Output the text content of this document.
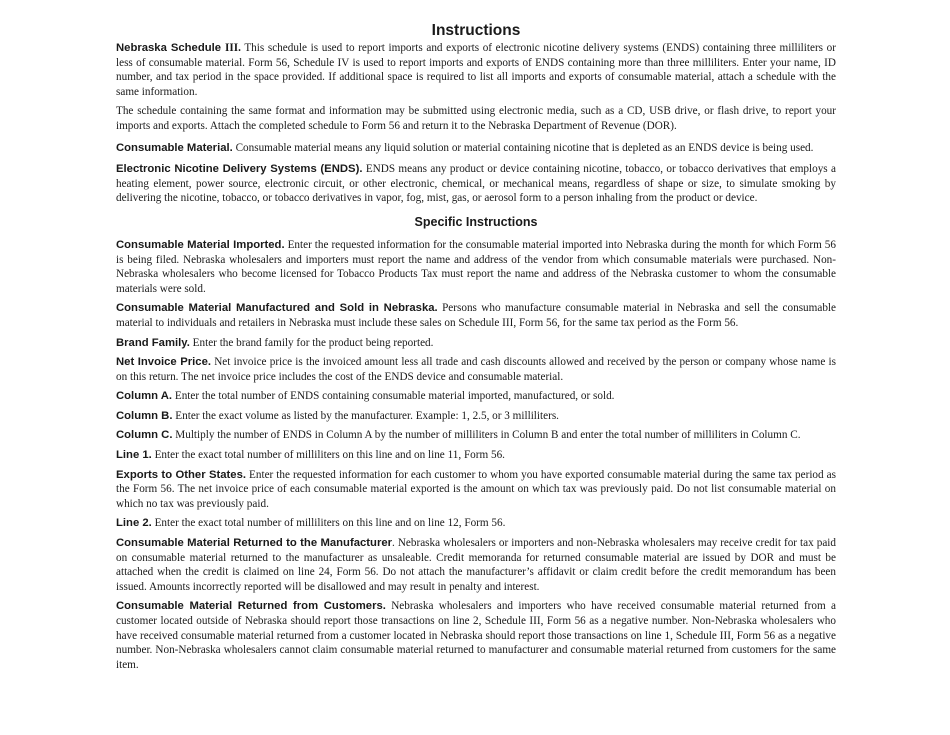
Instructions

Nebraska Schedule III. This schedule is used to report imports and exports of electronic nicotine delivery systems (ENDS) containing three milliliters or less of consumable material. Form 56, Schedule IV is used to report imports and exports of ENDS containing more than three milliliters. Enter your name, ID number, and tax period in the space provided. If additional space is required to list all imports and exports of consumable material, attach a schedule with the same information.

The schedule containing the same format and information may be submitted using electronic media, such as a CD, USB drive, or flash drive, to report your imports and exports. Attach the completed schedule to Form 56 and return it to the Nebraska Department of Revenue (DOR).

Consumable Material. Consumable material means any liquid solution or material containing nicotine that is depleted as an ENDS device is being used.

Electronic Nicotine Delivery Systems (ENDS). ENDS means any product or device containing nicotine, tobacco, or tobacco derivatives that employs a heating element, power source, electronic circuit, or other electronic, chemical, or mechanical means, regardless of shape or size, to simulate smoking by delivering the nicotine, tobacco, or tobacco derivatives in vapor, fog, mist, gas, or aerosol form to a person inhaling from the product or device.

Specific Instructions

Consumable Material Imported. Enter the requested information for the consumable material imported into Nebraska during the month for which Form 56 is being filed. Nebraska wholesalers and importers must report the name and address of the vendor from which consumable materials were purchased. Non-Nebraska wholesalers who become licensed for Tobacco Products Tax must report the name and address of the Nebraska customer to whom the consumable materials were sold.

Consumable Material Manufactured and Sold in Nebraska. Persons who manufacture consumable material in Nebraska and sell the consumable material to individuals and retailers in Nebraska must include these sales on Schedule III, Form 56, for the same tax period as the Form 56.

Brand Family. Enter the brand family for the product being reported.

Net Invoice Price. Net invoice price is the invoiced amount less all trade and cash discounts allowed and received by the person or company whose name is on this return. The net invoice price includes the cost of the ENDS device and consumable material.

Column A. Enter the total number of ENDS containing consumable material imported, manufactured, or sold.

Column B. Enter the exact volume as listed by the manufacturer. Example: 1, 2.5, or 3 milliliters.

Column C. Multiply the number of ENDS in Column A by the number of milliliters in Column B and enter the total number of milliliters in Column C.

Line 1. Enter the exact total number of milliliters on this line and on line 11, Form 56.

Exports to Other States. Enter the requested information for each customer to whom you have exported consumable material during the same tax period as the Form 56. The net invoice price of each consumable material exported is the amount on which tax was previously paid. Do not list consumable material on which no tax was previously paid.

Line 2. Enter the exact total number of milliliters on this line and on line 12, Form 56.

Consumable Material Returned to the Manufacturer. Nebraska wholesalers or importers and non-Nebraska wholesalers may receive credit for tax paid on consumable material returned to the manufacturer as unsaleable. Credit memoranda for returned consumable material are issued by DOR and must be attached when the credit is claimed on line 24, Form 56. Do not attach the manufacturer’s affidavit or claim credit before the credit memorandum has been issued. Amounts incorrectly reported will be disallowed and may result in penalty and interest.

Consumable Material Returned from Customers. Nebraska wholesalers and importers who have received consumable material returned from a customer located outside of Nebraska should report those transactions on line 2, Schedule III, Form 56 as a negative number. Non-Nebraska wholesalers who have received consumable material returned from a customer located in Nebraska should report those transactions on line 1, Schedule III, Form 56 as a negative number. Non-Nebraska wholesalers cannot claim consumable material returned to manufacturer and consumable material returned from customers for the same item.
